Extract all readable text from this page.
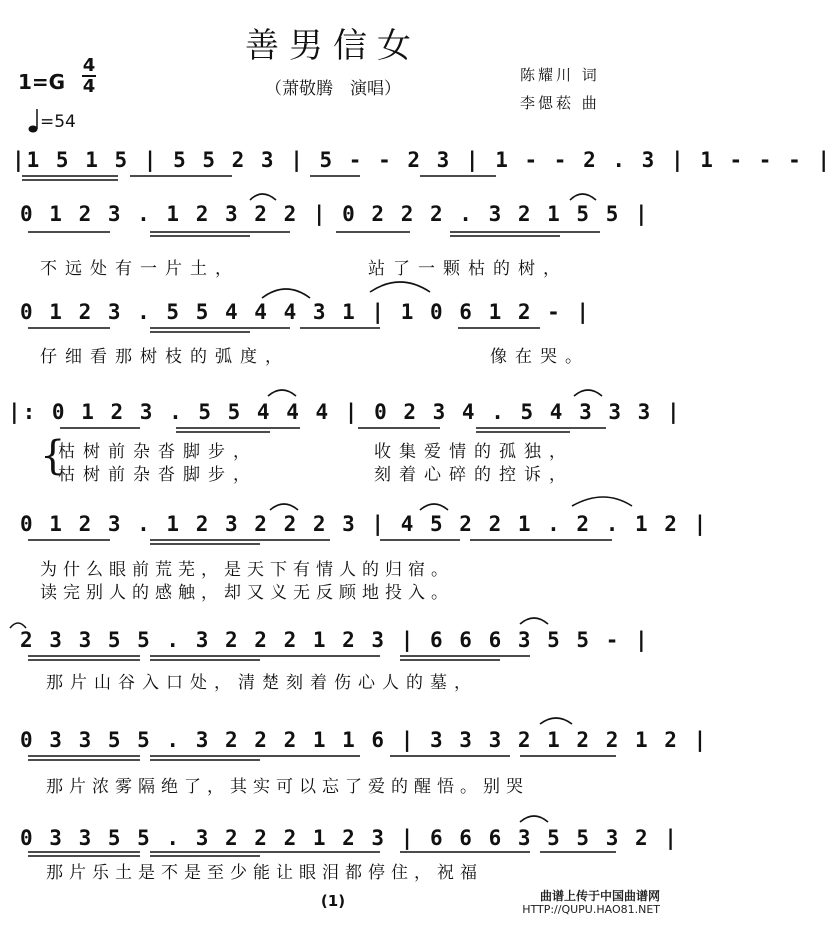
善男信女
（萧敬腾　演唱）
陈耀川 词
李偲菘 曲
1=G
4
4
=54
|1 5 1 5 | 5 5 2 3 | 5 - - 2 3 | 1 - - 2 . 3 | 1 - - - |
0 1 2 3 . 1 2 3 2 2 | 0 2 2 2 . 3 2 1 5 5 |
不远处有一片土，	站了一颗枯的树，
0 1 2 3 . 5 5 4 4 4 3 1 | 1 0 6 1 2 - |
仔细看那树枝的弧度，	像在哭。
|: 0 1 2 3 . 5 5 4 4 4 | 0 2 3 4 . 5 4 3 3 3 |
{
枯树前杂沓脚步，	收集爱情的孤独，
枯树前杂沓脚步，	刻着心碎的控诉，
0 1 2 3 . 1 2 3 2 2 2 3 | 4 5 2 2 1 . 2 . 1 2 |
为什么眼前荒芜，是天下有情人的归宿。
读完别人的感触，却又义无反顾地投入。
2 3 3 5 5 . 3 2 2 2 1 2 3 | 6 6 6 3 5 5 - |
那片山谷入口处，清楚刻着伤心人的墓，
0 3 3 5 5 . 3 2 2 2 1 1 6 | 3 3 3 2 1 2 2 1 2 |
那片浓雾隔绝了，其实可以忘了爱的醒悟。别哭
0 3 3 5 5 . 3 2 2 2 1 2 3 | 6 6 6 3 5 5 3 2 |
那片乐土是不是至少能让眼泪都停住，祝福
(1)	曲谱上传于中国曲谱网
HTTP://QUPU.HAO81.NET
